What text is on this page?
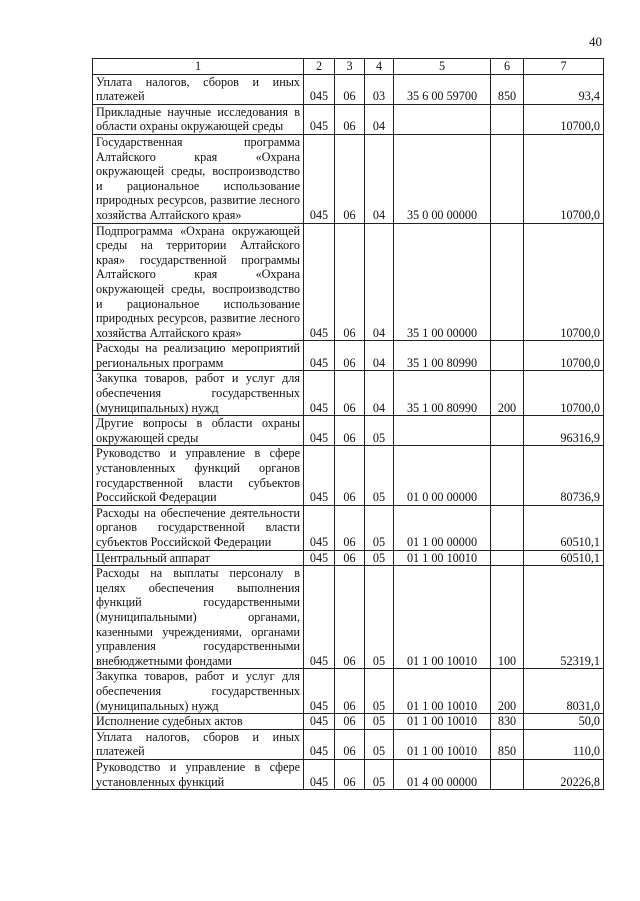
40
1	2	3	4	5	6	7
Уплата налогов, сборов и иных платежей	045	06	03	35 6 00 59700	850	93,4
Прикладные научные исследования в области охраны окружающей среды	045	06	04			10700,0
Государственная программа Алтайского края «Охрана окружающей среды, воспроизводство и рациональное использование природных ресурсов, развитие лесного хозяйства Алтайского края»	045	06	04	35 0 00 00000		10700,0
Подпрограмма «Охрана окружающей среды на территории Алтайского края» государственной программы Алтайского края «Охрана окружающей среды, воспроизводство и рациональное использование природных ресурсов, развитие лесного хозяйства Алтайского края»	045	06	04	35 1 00 00000		10700,0
Расходы на реализацию мероприятий региональных программ	045	06	04	35 1 00 80990		10700,0
Закупка товаров, работ и услуг для обеспечения государственных (муниципальных) нужд	045	06	04	35 1 00 80990	200	10700,0
Другие вопросы в области охраны окружающей среды	045	06	05			96316,9
Руководство и управление в сфере установленных функций органов государственной власти субъектов Российской Федерации	045	06	05	01 0 00 00000		80736,9
Расходы на обеспечение деятельности органов государственной власти субъектов Российской Федерации	045	06	05	01 1 00 00000		60510,1
Центральный аппарат	045	06	05	01 1 00 10010		60510,1
Расходы на выплаты персоналу в целях обеспечения выполнения функций государственными (муниципальными) органами, казенными учреждениями, органами управления государственными внебюджетными фондами	045	06	05	01 1 00 10010	100	52319,1
Закупка товаров, работ и услуг для обеспечения государственных (муниципальных) нужд	045	06	05	01 1 00 10010	200	8031,0
Исполнение судебных актов	045	06	05	01 1 00 10010	830	50,0
Уплата налогов, сборов и иных платежей	045	06	05	01 1 00 10010	850	110,0
Руководство и управление в сфере установленных функций	045	06	05	01 4 00 00000		20226,8
